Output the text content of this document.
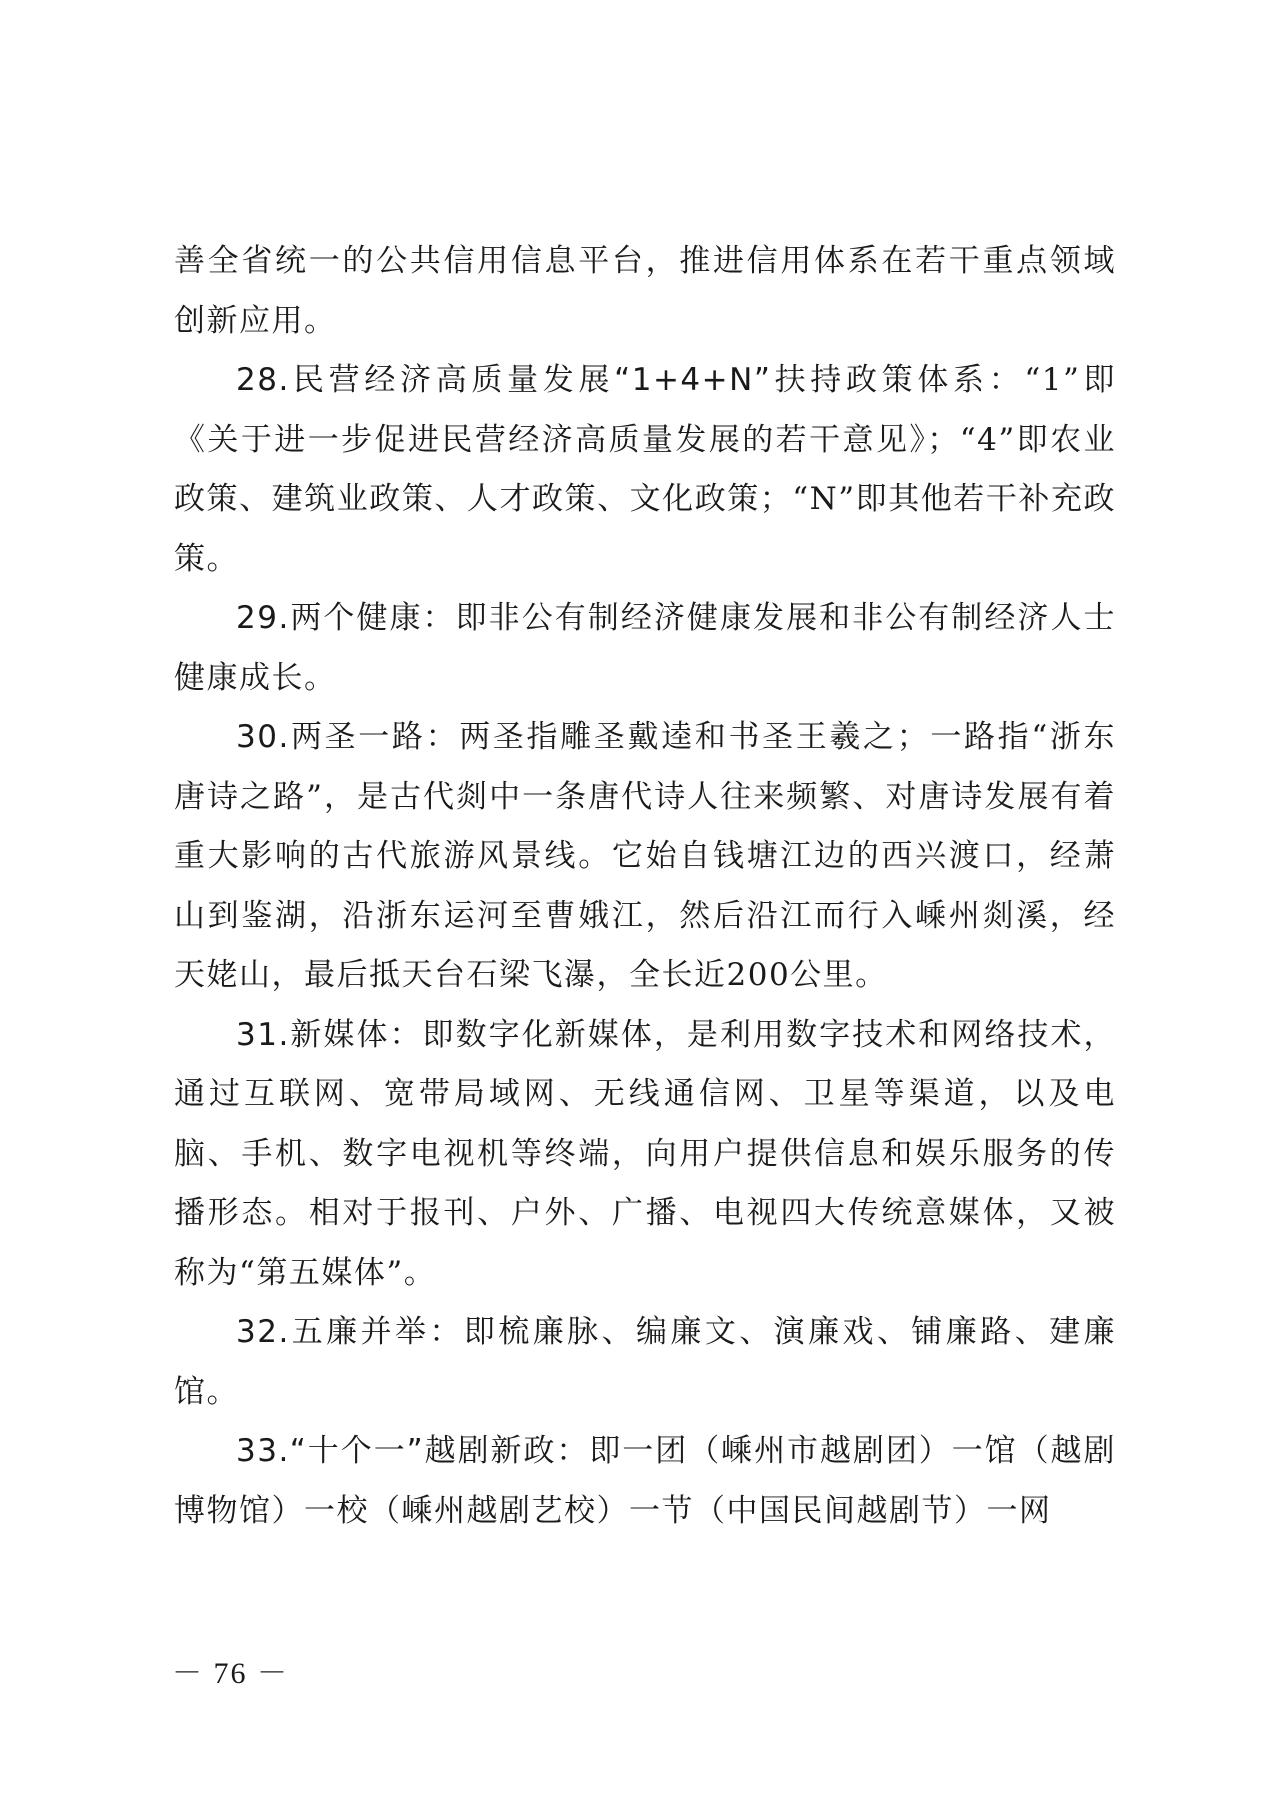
善全省统一的公共信用信息平台，推进信用体系在若干重点领域创新应用。

28.民营经济高质量发展“1+4+N”扶持政策体系：“1”即《关于进一步促进民营经济高质量发展的若干意见》；“4”即农业政策、建筑业政策、人才政策、文化政策；“N”即其他若干补充政策。

29.两个健康：即非公有制经济健康发展和非公有制经济人士健康成长。

30.两圣一路：两圣指雕圣戴逵和书圣王羲之；一路指“浙东唐诗之路”，是古代剡中一条唐代诗人往来频繁、对唐诗发展有着重大影响的古代旅游风景线。它始自钱塘江边的西兴渡口，经萧山到鉴湖，沿浙东运河至曹娥江，然后沿江而行入嵊州剡溪，经天姥山，最后抵天台石梁飞瀑，全长近200公里。

31.新媒体：即数字化新媒体，是利用数字技术和网络技术，通过互联网、宽带局域网、无线通信网、卫星等渠道，以及电脑、手机、数字电视机等终端，向用户提供信息和娱乐服务的传播形态。相对于报刊、户外、广播、电视四大传统意媒体，又被称为“第五媒体”。

32.五廉并举：即梳廉脉、编廉文、演廉戏、铺廉路、建廉馆。

33.“十个一”越剧新政：即一团（嵊州市越剧团）一馆（越剧博物馆）一校（嵊州越剧艺校）一节（中国民间越剧节）一网

－ 76 －
